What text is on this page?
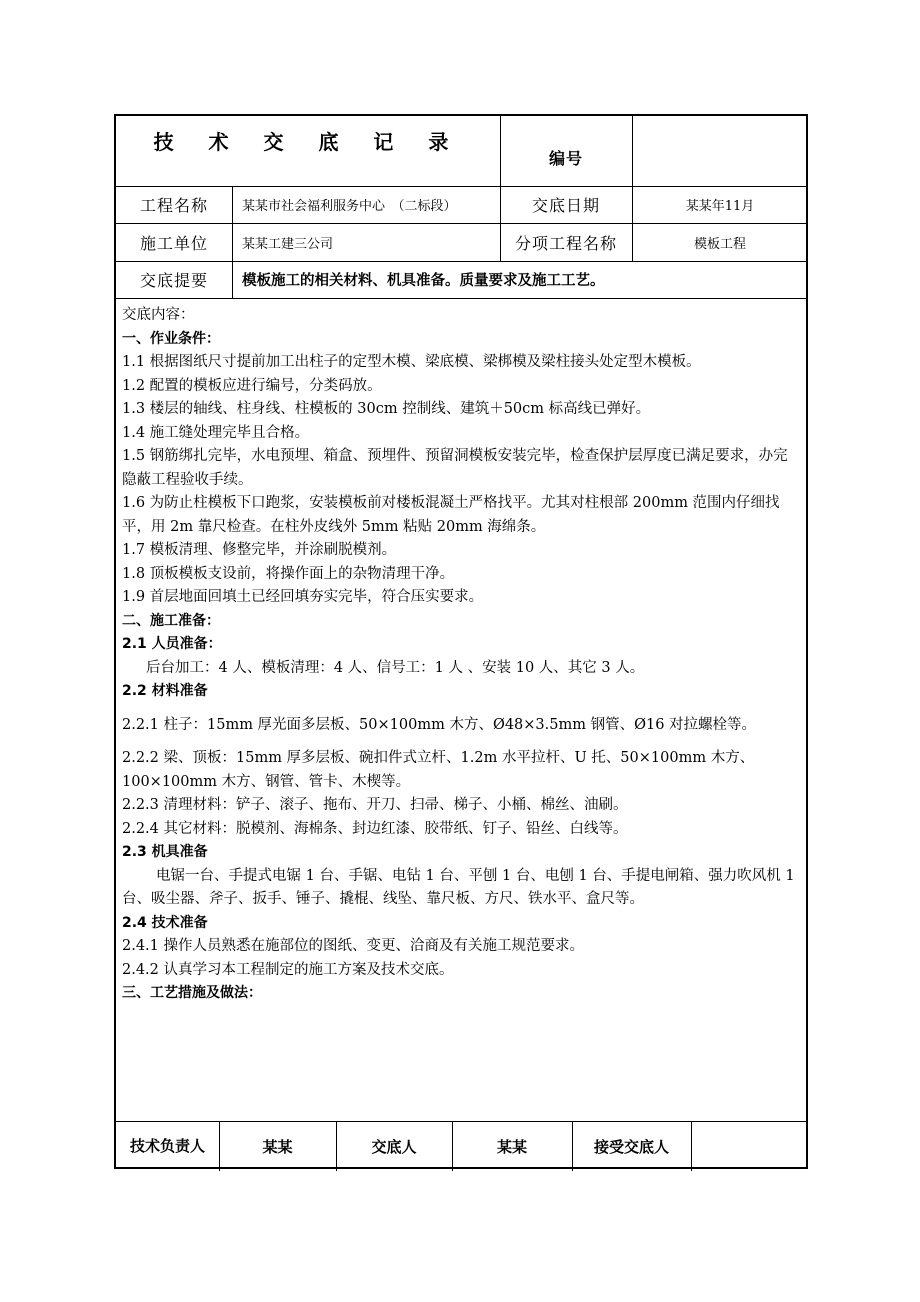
技 术 交 底 记 录
编号
工程名称	某某市社会福利服务中心　（二标段）	交底日期	某某年11月
施工单位	某某工建三公司	分项工程名称	模板工程
交底提要	模板施工的相关材料、机具准备。质量要求及施工工艺。
交底内容：
一、作业条件：
1.1 根据图纸尺寸提前加工出柱子的定型木模、梁底模、梁梆模及梁柱接头处定型木模板。
1.2 配置的模板应进行编号，分类码放。
1.3 楼层的轴线、柱身线、柱模板的 30cm 控制线、建筑＋50cm 标高线已弹好。
1.4 施工缝处理完毕且合格。
1.5 钢筋绑扎完毕，水电预埋、箱盒、预埋件、预留洞模板安装完毕，检查保护层厚度已满足要求，办完隐蔽工程验收手续。
1.6 为防止柱模板下口跑浆，安装模板前对楼板混凝土严格找平。尤其对柱根部 200mm 范围内仔细找平，用 2m 靠尺检查。在柱外皮线外 5mm 粘贴 20mm 海绵条。
1.7 模板清理、修整完毕，并涂刷脱模剂。
1.8 顶板模板支设前，将操作面上的杂物清理干净。
1.9 首层地面回填土已经回填夯实完毕，符合压实要求。
二、施工准备：
2.1 人员准备：
后台加工：4 人、模板清理：4 人、信号工：1 人 、安装 10 人、其它 3 人。
2.2 材料准备
2.2.1 柱子：15mm 厚光面多层板、50×100mm 木方、Ø48×3.5mm 钢管、Ø16 对拉螺栓等。
2.2.2 梁、顶板：15mm 厚多层板、碗扣件式立杆、1.2m 水平拉杆、U 托、50×100mm 木方、100×100mm 木方、钢管、管卡、木楔等。
2.2.3 清理材料：铲子、滚子、拖布、开刀、扫帚、梯子、小桶、棉丝、油刷。
2.2.4 其它材料：脱模剂、海棉条、封边红漆、胶带纸、钉子、铅丝、白线等。
2.3 机具准备
电锯一台、手提式电锯 1 台、手锯、电钻 1 台、平刨 1 台、电刨 1 台、手提电闸箱、强力吹风机 1 台、吸尘器、斧子、扳手、锤子、撬棍、线坠、靠尺板、方尺、铁水平、盒尺等。
2.4 技术准备
2.4.1 操作人员熟悉在施部位的图纸、变更、洽商及有关施工规范要求。
2.4.2 认真学习本工程制定的施工方案及技术交底。
三、工艺措施及做法：
技术负责人	某某	交底人	某某	接受交底人
